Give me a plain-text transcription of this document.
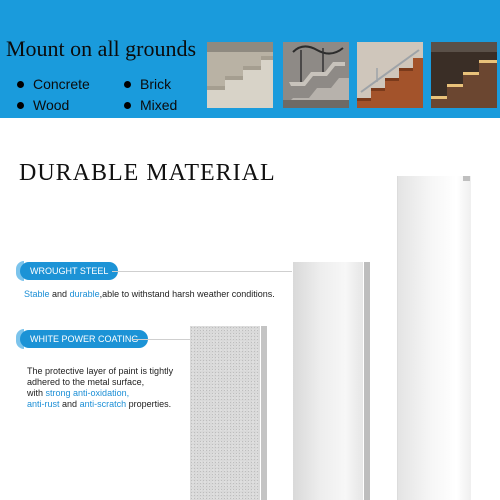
Mount on all grounds
Concrete	Brick
Wood	Mixed
DURABLE MATERIAL
WROUGHT STEEL
Stable and durable,able to withstand harsh weather conditions.
WHITE POWER COATING
The protective layer of paint is tightly
adhered to the metal surface,
with strong anti-oxidation,
anti-rust and anti-scratch properties.
